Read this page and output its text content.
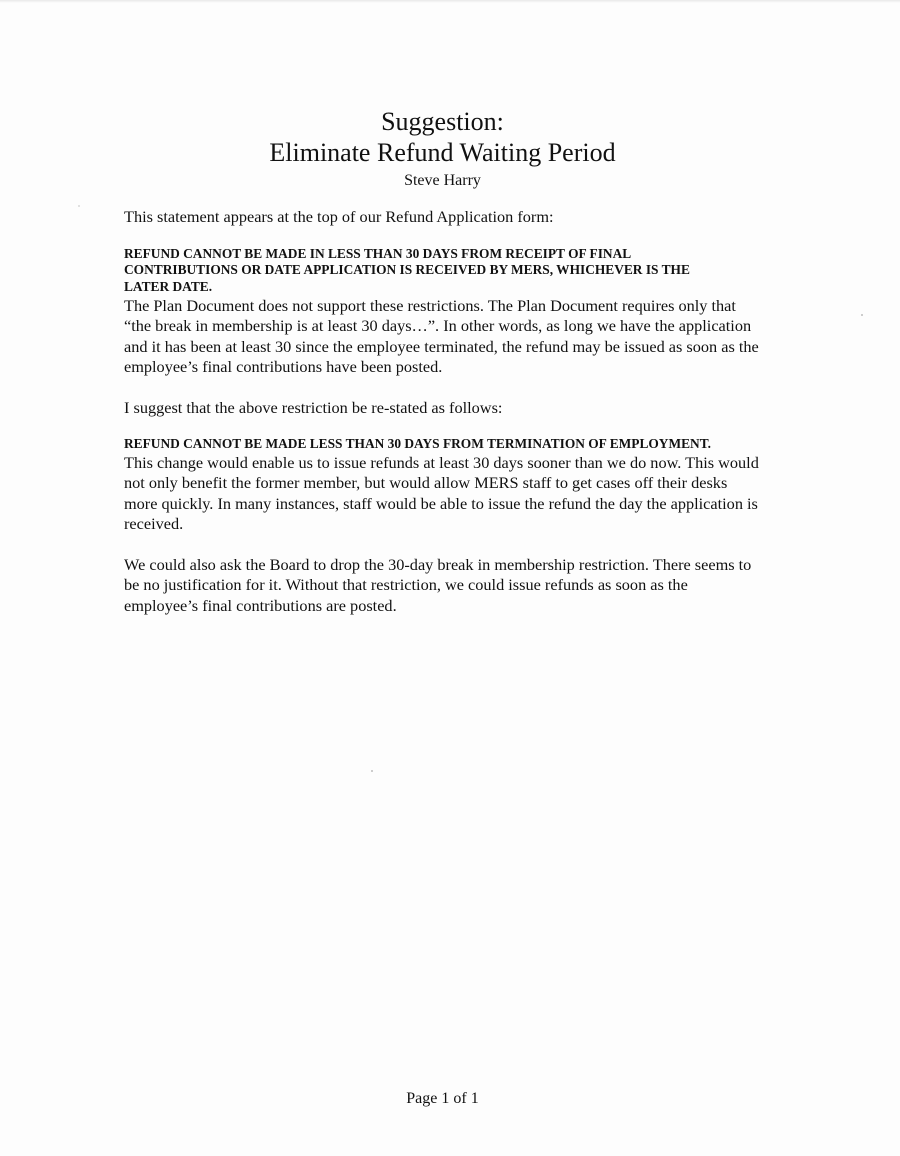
Suggestion:
Eliminate Refund Waiting Period
Steve Harry

This statement appears at the top of our Refund Application form:

REFUND CANNOT BE MADE IN LESS THAN 30 DAYS FROM RECEIPT OF FINAL CONTRIBUTIONS OR DATE APPLICATION IS RECEIVED BY MERS, WHICHEVER IS THE LATER DATE.

The Plan Document does not support these restrictions. The Plan Document requires only that “the break in membership is at least 30 days…”. In other words, as long we have the application and it has been at least 30 since the employee terminated, the refund may be issued as soon as the employee’s final contributions have been posted.

I suggest that the above restriction be re-stated as follows:

REFUND CANNOT BE MADE LESS THAN 30 DAYS FROM TERMINATION OF EMPLOYMENT.

This change would enable us to issue refunds at least 30 days sooner than we do now. This would not only benefit the former member, but would allow MERS staff to get cases off their desks more quickly. In many instances, staff would be able to issue the refund the day the application is received.

We could also ask the Board to drop the 30-day break in membership restriction. There seems to be no justification for it. Without that restriction, we could issue refunds as soon as the employee’s final contributions are posted.

Page 1 of 1
